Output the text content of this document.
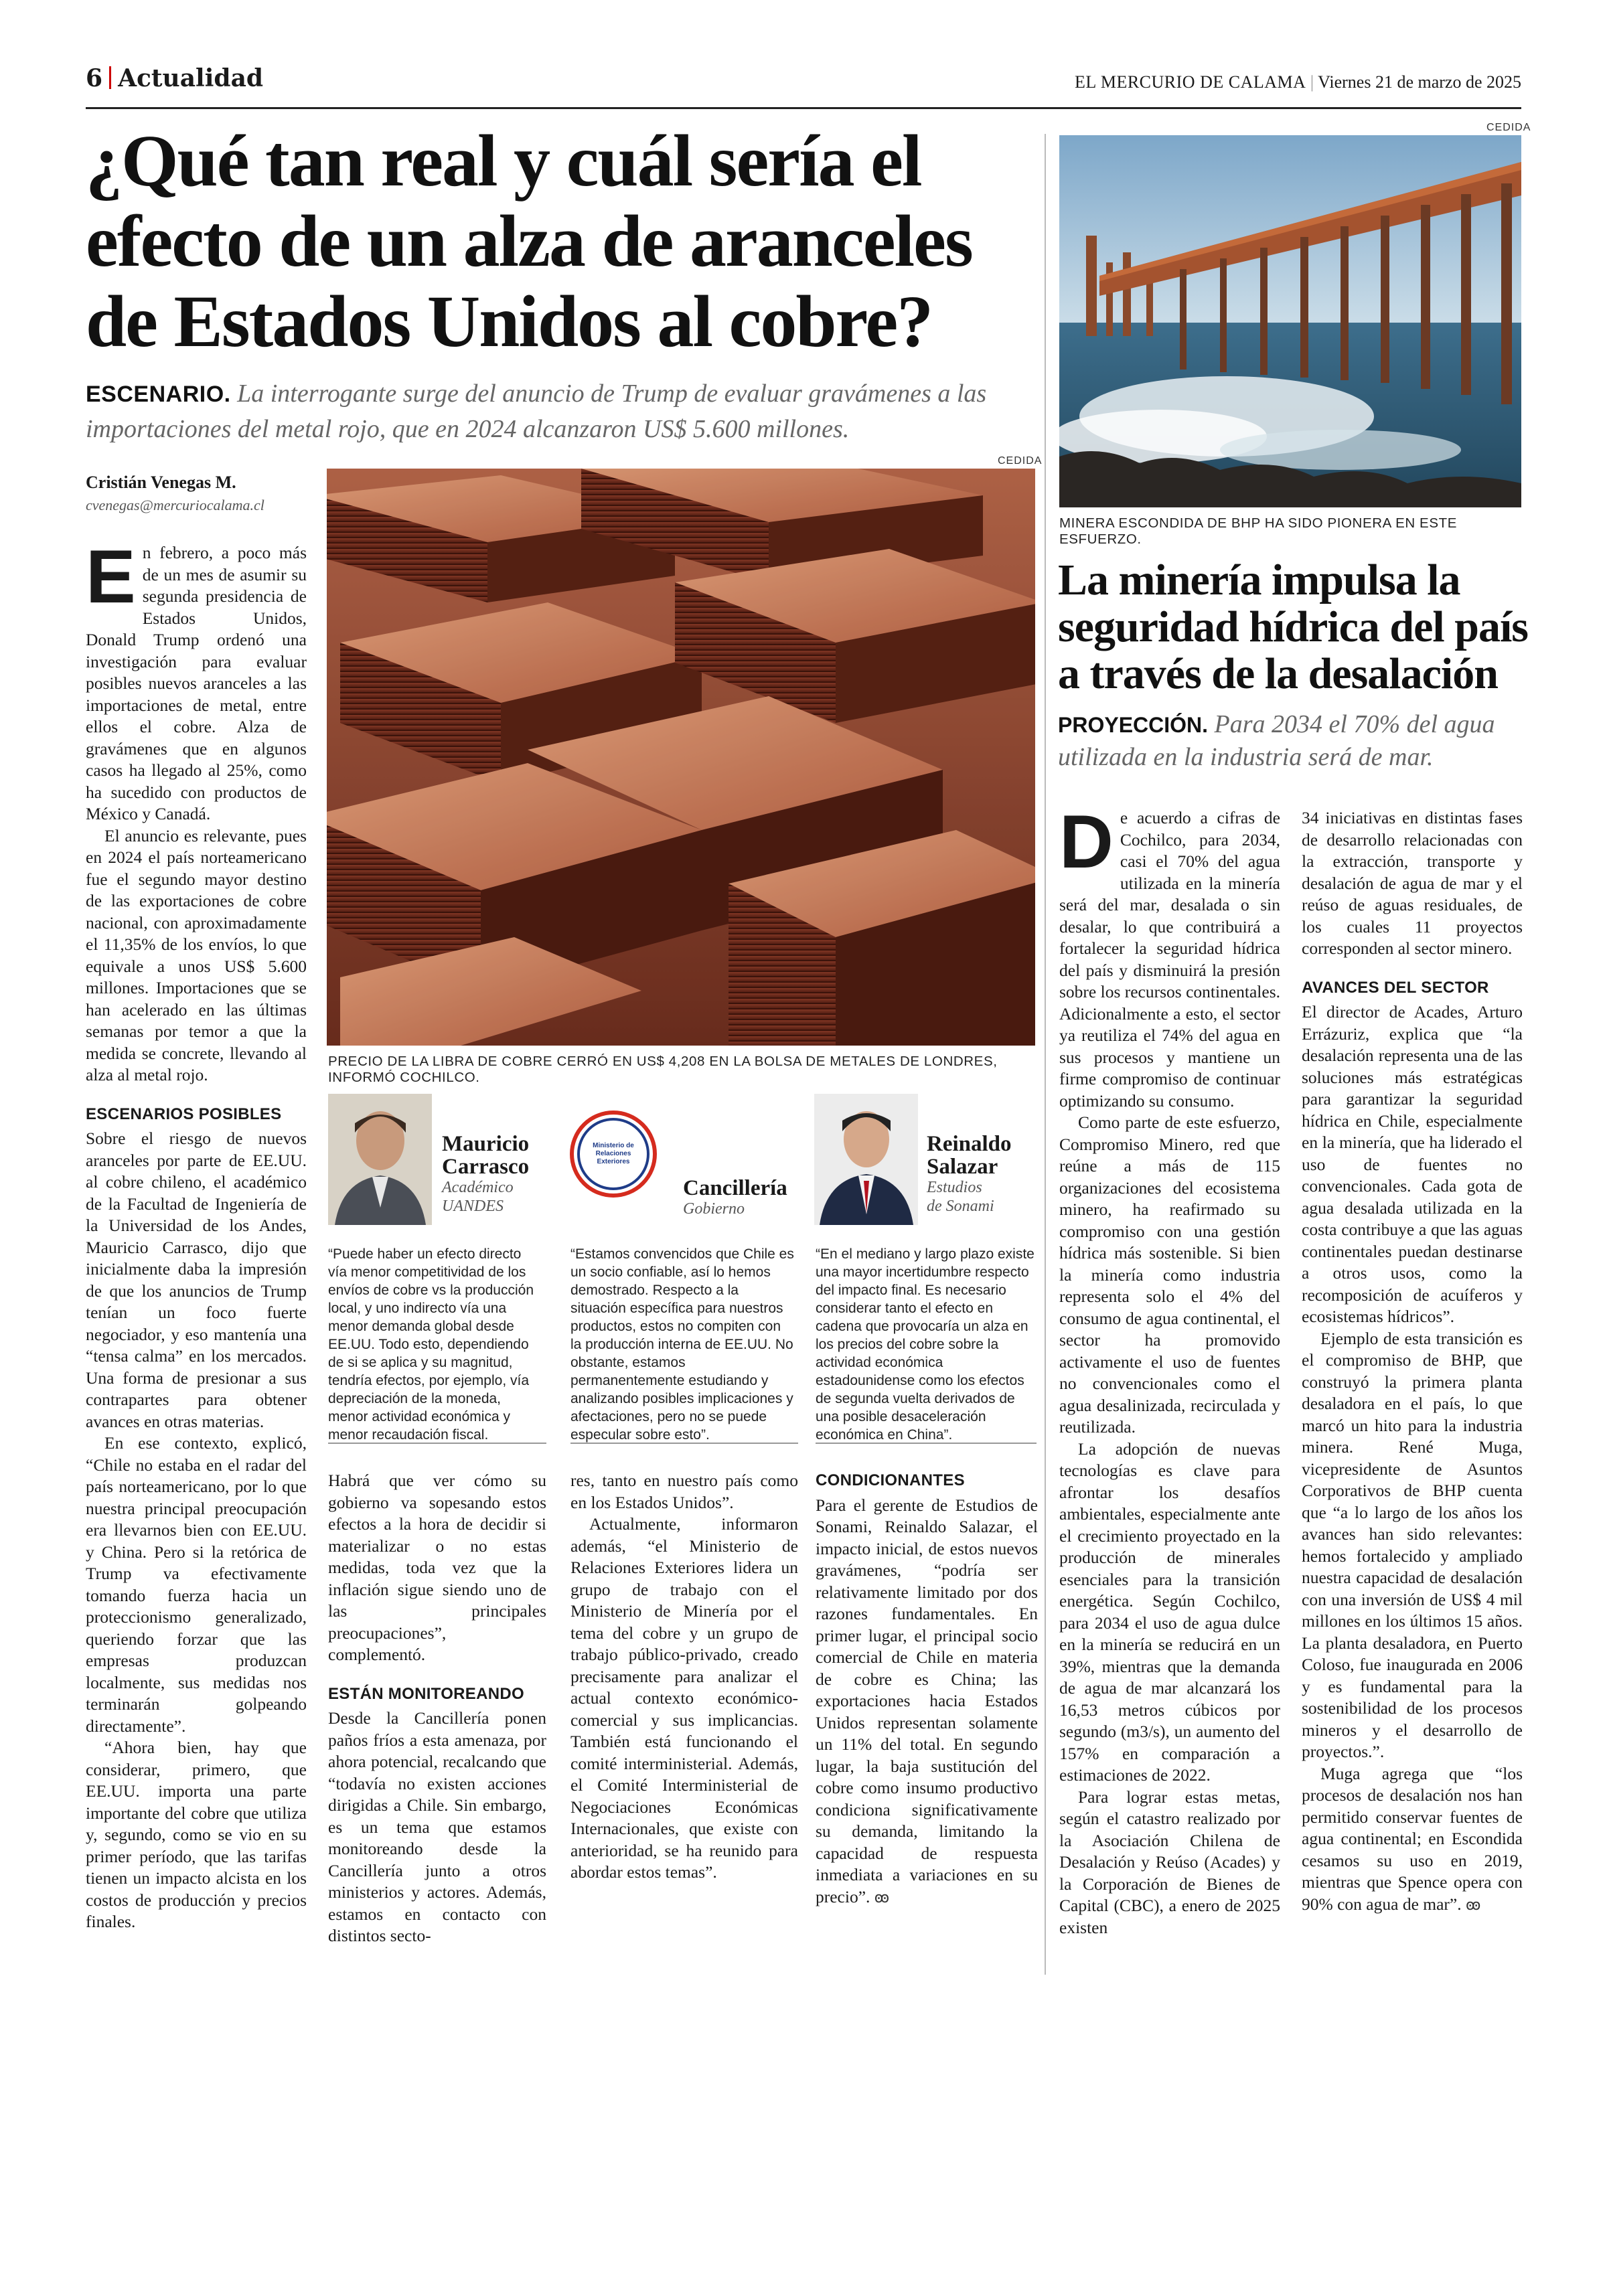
6 Actualidad	EL MERCURIO DE CALAMA | Viernes 21 de marzo de 2025
¿Qué tan real y cuál sería el efecto de un alza de aranceles de Estados Unidos al cobre?
ESCENARIO. La interrogante surge del anuncio de Trump de evaluar gravámenes a las importaciones del metal rojo, que en 2024 alcanzaron US$ 5.600 millones.
Cristián Venegas M.
cvenegas@mercuriocalama.cl
CEDIDA
PRECIO DE LA LIBRA DE COBRE CERRÓ EN US$ 4,208 EN LA BOLSA DE METALES DE LONDRES, INFORMÓ COCHILCO.

En febrero, a poco más de un mes de asumir su segunda presidencia de Estados Unidos, Donald Trump ordenó una investigación para evaluar posibles nuevos aranceles a las importaciones de metal, entre ellos el cobre. Alza de gravámenes que en algunos casos ha llegado al 25%, como ha sucedido con productos de México y Canadá.

El anuncio es relevante, pues en 2024 el país norteamericano fue el segundo mayor destino de las exportaciones de cobre nacional, con aproximadamente el 11,35% de los envíos, lo que equivale a unos US$ 5.600 millones. Importaciones que se han acelerado en las últimas semanas por temor a que la medida se concrete, llevando al alza al metal rojo.

ESCENARIOS POSIBLES

Sobre el riesgo de nuevos aranceles por parte de EE.UU. al cobre chileno, el académico de la Facultad de Ingeniería de la Universidad de los Andes, Mauricio Carrasco, dijo que inicialmente daba la impresión de que los anuncios de Trump tenían un foco fuerte negociador, y eso mantenía una “tensa calma” en los mercados. Una forma de presionar a sus contrapartes para obtener avances en otras materias.

En ese contexto, explicó, “Chile no estaba en el radar del país norteamericano, por lo que nuestra principal preocupación era llevarnos bien con EE.UU. y China. Pero si la retórica de Trump va efectivamente tomando fuerza hacia un proteccionismo generalizado, queriendo forzar que las empresas produzcan localmente, sus medidas nos terminarán golpeando directamente”.

“Ahora bien, hay que considerar, primero, que EE.UU. importa una parte importante del cobre que utiliza y, segundo, como se vio en su primer período, que las tarifas tienen un impacto alcista en los costos de producción y precios finales.

Mauricio
Carrasco
Académico
UANDES
“Puede haber un efecto directo vía menor competitividad de los envíos de cobre vs la producción local, y uno indirecto vía una menor demanda global desde EE.UU. Todo esto, dependiendo de si se aplica y su magnitud, tendría efectos, por ejemplo, vía depreciación de la moneda, menor actividad económica y menor recaudación fiscal.
Ministerio de Relaciones Exteriores
Cancillería
Gobierno
“Estamos convencidos que Chile es un socio confiable, así lo hemos demostrado. Respecto a la situación específica para nuestros productos, estos no compiten con la producción interna de EE.UU. No obstante, estamos permanentemente estudiando y analizando posibles implicaciones y afectaciones, pero no se puede especular sobre esto”.
Reinaldo
Salazar
Estudios
de Sonami
“En el mediano y largo plazo existe una mayor incertidumbre respecto del impacto final. Es necesario considerar tanto el efecto en cadena que provocaría un alza en los precios del cobre sobre la actividad económica estadounidense como los efectos de segunda vuelta derivados de una posible desaceleración económica en China”.

Habrá que ver cómo su gobierno va sopesando estos efectos a la hora de decidir si materializar o no estas medidas, toda vez que la inflación sigue siendo uno de las principales preocupaciones”, complementó.

ESTÁN MONITOREANDO

Desde la Cancillería ponen paños fríos a esta amenaza, por ahora potencial, recalcando que “todavía no existen acciones dirigidas a Chile. Sin embargo, es un tema que estamos monitoreando desde la Cancillería junto a otros ministerios y actores. Además, estamos en contacto con distintos secto-

res, tanto en nuestro país como en los Estados Unidos”.

Actualmente, informaron además, “el Ministerio de Relaciones Exteriores lidera un grupo de trabajo con el Ministerio de Minería por el tema del cobre y un grupo de trabajo público-privado, creado precisamente para analizar el actual contexto económico-comercial y sus implicancias. También está funcionando el comité interministerial. Además, el Comité Interministerial de Negociaciones Económicas Internacionales, que existe con anterioridad, se ha reunido para abordar estos temas”.

CONDICIONANTES

Para el gerente de Estudios de Sonami, Reinaldo Salazar, el impacto inicial, de estos nuevos gravámenes, “podría ser relativamente limitado por dos razones fundamentales. En primer lugar, el principal socio comercial de Chile en materia de cobre es China; las exportaciones hacia Estados Unidos representan solamente un 11% del total. En segundo lugar, la baja sustitución del cobre como insumo productivo condiciona significativamente su demanda, limitando la capacidad de respuesta inmediata a variaciones en su precio”. ꙭ

CEDIDA
MINERA ESCONDIDA DE BHP HA SIDO PIONERA EN ESTE ESFUERZO.
La minería impulsa la seguridad hídrica del país a través de la desalación
PROYECCIÓN. Para 2034 el 70% del agua utilizada en la industria será de mar.

De acuerdo a cifras de Cochilco, para 2034, casi el 70% del agua utilizada en la minería será del mar, desalada o sin desalar, lo que contribuirá a fortalecer la seguridad hídrica del país y disminuirá la presión sobre los recursos continentales. Adicionalmente a esto, el sector ya reutiliza el 74% del agua en sus procesos y mantiene un firme compromiso de continuar optimizando su consumo.

Como parte de este esfuerzo, Compromiso Minero, red que reúne a más de 115 organizaciones del ecosistema minero, ha reafirmado su compromiso con una gestión hídrica más sostenible. Si bien la minería como industria representa solo el 4% del consumo de agua continental, el sector ha promovido activamente el uso de fuentes no convencionales como el agua desalinizada, recirculada y reutilizada.

La adopción de nuevas tecnologías es clave para afrontar los desafíos ambientales, especialmente ante el crecimiento proyectado en la producción de minerales esenciales para la transición energética. Según Cochilco, para 2034 el uso de agua dulce en la minería se reducirá en un 39%, mientras que la demanda de agua de mar alcanzará los 16,53 metros cúbicos por segundo (m3/s), un aumento del 157% en comparación a estimaciones de 2022.

Para lograr estas metas, según el catastro realizado por la Asociación Chilena de Desalación y Reúso (Acades) y la Corporación de Bienes de Capital (CBC), a enero de 2025 existen

34 iniciativas en distintas fases de desarrollo relacionadas con la extracción, transporte y desalación de agua de mar y el reúso de aguas residuales, de los cuales 11 proyectos corresponden al sector minero.

AVANCES DEL SECTOR

El director de Acades, Arturo Errázuriz, explica que “la desalación representa una de las soluciones más estratégicas para garantizar la seguridad hídrica en Chile, especialmente en la minería, que ha liderado el uso de fuentes no convencionales. Cada gota de agua desalada utilizada en la costa contribuye a que las aguas continentales puedan destinarse a otros usos, como la recomposición de acuíferos y ecosistemas hídricos”.

Ejemplo de esta transición es el compromiso de BHP, que construyó la primera planta desaladora en el país, lo que marcó un hito para la industria minera. René Muga, vicepresidente de Asuntos Corporativos de BHP cuenta que “a lo largo de los años los avances han sido relevantes: hemos fortalecido y ampliado nuestra capacidad de desalación con una inversión de US$ 4 mil millones en los últimos 15 años. La planta desaladora, en Puerto Coloso, fue inaugurada en 2006 y es fundamental para la sostenibilidad de los procesos mineros y el desarrollo de proyectos.”.

Muga agrega que “los procesos de desalación nos han permitido conservar fuentes de agua continental; en Escondida cesamos su uso en 2019, mientras que Spence opera con 90% con agua de mar”. ꙭ
